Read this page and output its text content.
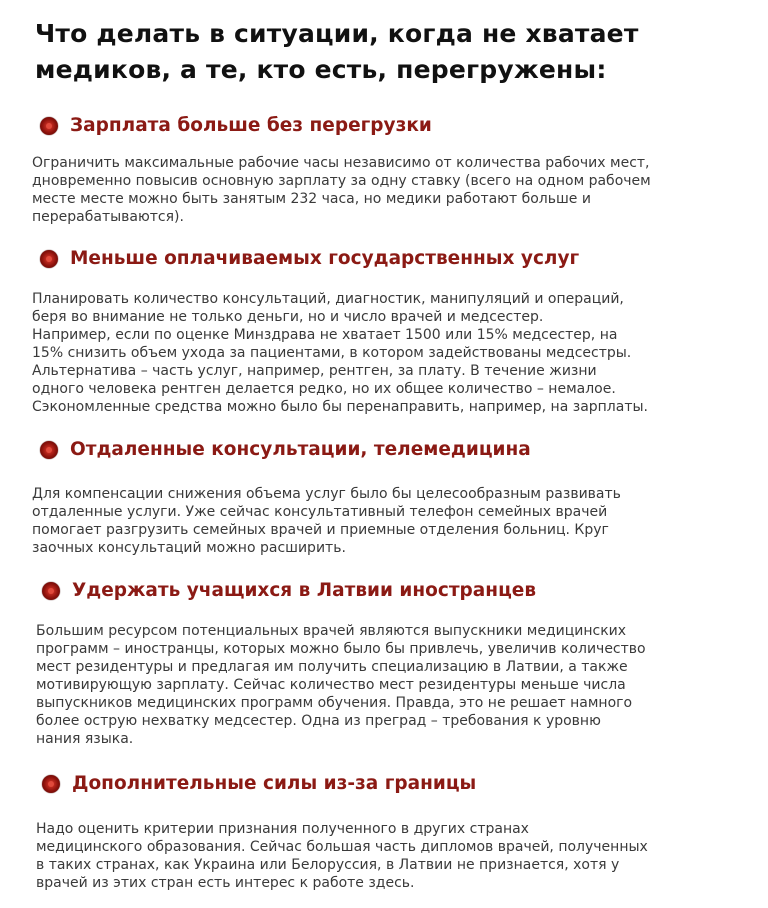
Что делать в ситуации, когда не хватает
медиков, а те, кто есть, перегружены:
Зарплата больше без перегрузки

Ограничить максимальные рабочие часы независимо от количества рабочих мест,
дновременно повысив основную зарплату за одну ставку (всего на одном рабочем
месте месте можно быть занятым 232 часа, но медики работают больше и
перерабатываются).

Меньше оплачиваемых государственных услуг

Планировать количество консультаций, диагностик, манипуляций и операций,
беря во внимание не только деньги, но и число врачей и медсестер.
Например, если по оценке Минздрава не хватает 1500 или 15% медсестер, на
15% снизить объем ухода за пациентами, в котором задействованы медсестры.
Альтернатива – часть услуг, например, рентген, за плату. В течение жизни
одного человека рентген делается редко, но их общее количество – немалое.
Сэкономленные средства можно было бы перенаправить, например, на зарплаты.

Отдаленные консультации, телемедицина

Для компенсации снижения объема услуг было бы целесообразным развивать
отдаленные услуги. Уже сейчас консультативный телефон семейных врачей
помогает разгрузить семейных врачей и приемные отделения больниц. Круг
заочных консультаций можно расширить.

Удержать учащихся в Латвии иностранцев

Большим ресурсом потенциальных врачей являются выпускники медицинских
программ – иностранцы, которых можно было бы привлечь, увеличив количество
мест резидентуры и предлагая им получить специализацию в Латвии, а также
мотивирующую зарплату. Сейчас количество мест резидентуры меньше числа
выпускников медицинских программ обучения. Правда, это не решает намного
более острую нехватку медсестер. Одна из преград – требования к уровню
нания языка.

Дополнительные силы из-за границы

Надо оценить критерии признания полученного в других странах
медицинского образования. Сейчас большая часть дипломов врачей, полученных
в таких странах, как Украина или Белоруссия, в Латвии не признается, хотя у
врачей из этих стран есть интерес к работе здесь.
